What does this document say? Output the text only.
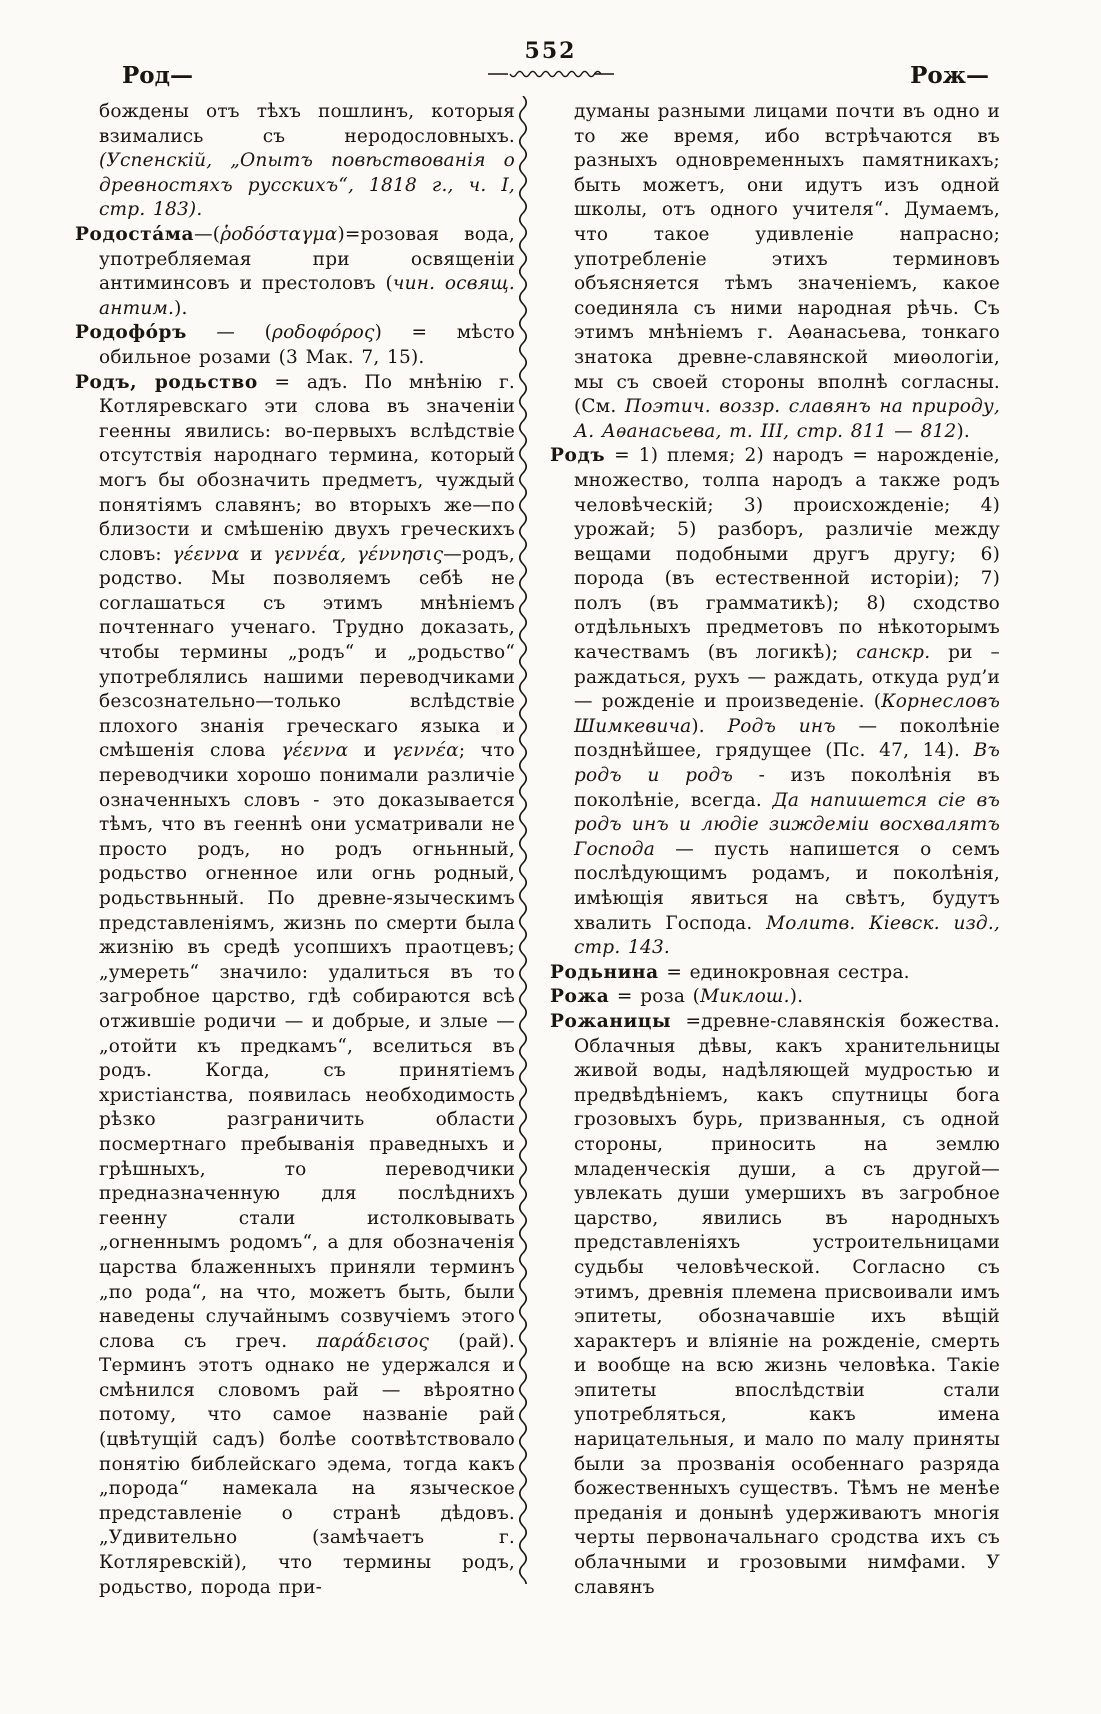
552
Род—	Рож—

бождены отъ тѣхъ пошлинъ, которыя взимались съ неродословныхъ. (Успенскій, „Опытъ повѣствованія о древностяхъ русскихъ“, 1818 г., ч. I, стр. 183).

Родоста́ма—(ῥοδόσταγμα)=розовая вода, употребляемая при освященіи антиминсовъ и престоловъ (чин. освящ. антим.).

Родофо́ръ — (ροδοφόρος) = мѣсто обильное розами (3 Мак. 7, 15).

Родъ, родьство = адъ. По мнѣнію г. Котляревскаго эти слова въ значеніи геенны явились: во-первыхъ вслѣдствіе отсутствія народнаго термина, который могъ бы обозначить предметъ, чуждый понятіямъ славянъ; во вторыхъ же—по близости и смѣшенію двухъ греческихъ словъ: γέεννα и γεννέα, γέννησις—родъ, родство. Мы позволяемъ себѣ не соглашаться съ этимъ мнѣніемъ почтеннаго ученаго. Трудно доказать, чтобы термины „родъ“ и „родьство“ употреблялись нашими переводчиками безсознательно—только вслѣдствіе плохого знанія греческаго языка и смѣшенія слова γέεννα и γεννέα; что переводчики хорошо понимали различіе означенныхъ словъ - это доказывается тѣмъ, что въ гееннѣ они усматривали не просто родъ, но родъ огньнный, родьство огненное или огнь родный, родьствьнный. По древне-языческимъ представленіямъ, жизнь по смерти была жизнію въ средѣ усопшихъ праотцевъ; „умереть“ значило: удалиться въ то загробное царство, гдѣ собираются всѣ отжившіе родичи — и добрые, и злые — „отойти къ предкамъ“, вселиться въ родъ. Когда, съ принятіемъ христіанства, появилась необходимость рѣзко разграничить области посмертнаго пребыванія праведныхъ и грѣшныхъ, то переводчики предназначенную для послѣднихъ геенну стали истолковывать „огненнымъ родомъ“, а для обозначенія царства блаженныхъ приняли терминъ „по рода“, на что, можетъ быть, были наведены случайнымъ созвучіемъ этого слова съ греч. παράδεισος (рай). Терминъ этотъ однако не удержался и смѣнился словомъ рай — вѣроятно потому, что самое названіе рай (цвѣтущій садъ) болѣе соотвѣтствовало понятію библейскаго эдема, тогда какъ „порода“ намекала на языческое представленіе о странѣ дѣдовъ. „Удивительно (замѣчаетъ г. Котляревскій), что термины родъ, родьство, порода при-

думаны разными лицами почти въ одно и то же время, ибо встрѣчаются въ разныхъ одновременныхъ памятникахъ; быть можетъ, они идутъ изъ одной школы, отъ одного учителя“. Думаемъ, что такое удивленіе напрасно; употребленіе этихъ терминовъ объясняется тѣмъ значеніемъ, какое соединяла съ ними народная рѣчь. Съ этимъ мнѣніемъ г. Аѳанасьева, тонкаго знатока древне-славянской миѳологіи, мы съ своей стороны вполнѣ согласны. (См. Поэтич. воззр. славянъ на природу, А. Аѳанасьева, т. III, стр. 811 — 812).

Родъ = 1) племя; 2) народъ = нарожденіе, множество, толпа народъ а также родъ человѣческій; 3) происхожденіе; 4) урожай; 5) разборъ, различіе между вещами подобными другъ другу; 6) порода (въ естественной исторіи); 7) полъ (въ грамматикѣ); 8) сходство отдѣльныхъ предметовъ по нѣкоторымъ качествамъ (въ логикѣ); санскр. ри – раждаться, рухъ — раждать, откуда руд’и — рожденіе и произведеніе. (Корнесловъ Шимкевича). Родъ инъ — поколѣніе позднѣйшее, грядущее (Пс. 47, 14). Въ родъ и родъ - изъ поколѣнія въ поколѣніе, всегда. Да напишется сіе въ родъ инъ и людіе зиждеміи восхвалятъ Господа — пусть напишется о семъ послѣдующимъ родамъ, и поколѣнія, имѣющія явиться на свѣтъ, будутъ хвалить Господа. Молитв. Кіевск. изд., стр. 143.

Родьнина = единокровная сестра.

Рожа = роза (Миклош.).

Рожаницы =древне-славянскія божества. Облачныя дѣвы, какъ хранительницы живой воды, надѣляющей мудростью и предвѣдѣніемъ, какъ спутницы бога грозовыхъ бурь, призванныя, съ одной стороны, приносить на землю младенческія души, а съ другой—увлекать души умершихъ въ загробное царство, явились въ народныхъ представленіяхъ устроительницами судьбы человѣческой. Согласно съ этимъ, древнія племена присвоивали имъ эпитеты, обозначавшіе ихъ вѣщій характеръ и вліяніе на рожденіе, смерть и вообще на всю жизнь человѣка. Такіе эпитеты впослѣдствіи стали употребляться, какъ имена нарицательныя, и мало по малу приняты были за прозванія особеннаго разряда божественныхъ существъ. Тѣмъ не менѣе преданія и донынѣ удерживаютъ многія черты первоначальнаго сродства ихъ съ облачными и грозовыми нимфами. У славянъ
